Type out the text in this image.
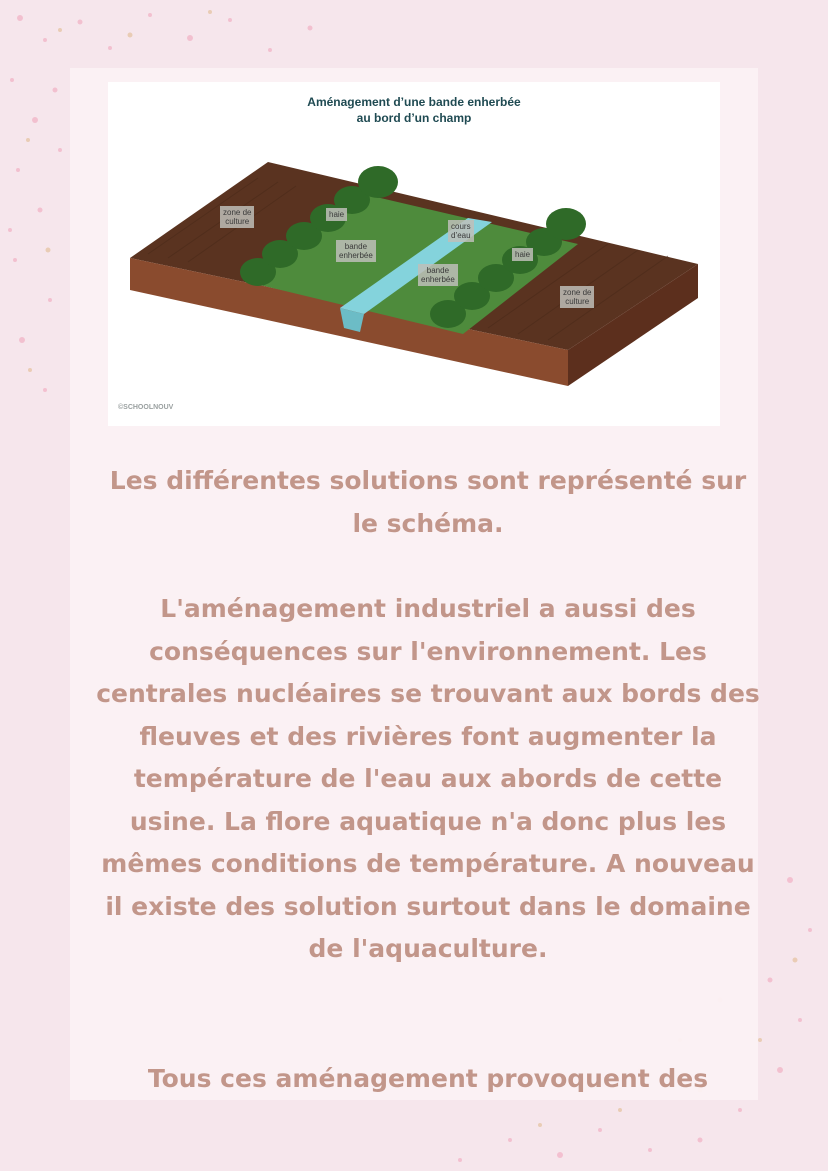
Aménagement d’une bande enherbée
au bord d’un champ
zone de
culture
haie
bande
enherbée
cours
d’eau
bande
enherbée
haie
zone de
culture
©SCHOOLNOUV

Les différentes solutions sont représenté sur le schéma.

L'aménagement industriel a aussi des conséquences sur l'environnement. Les centrales nucléaires se trouvant aux bords des fleuves et des rivières font augmenter la température de l'eau aux abords de cette usine. La flore aquatique n'a donc plus les mêmes conditions de température. A nouveau il existe des solution surtout dans le domaine de l'aquaculture.

Tous ces aménagement provoquent des
